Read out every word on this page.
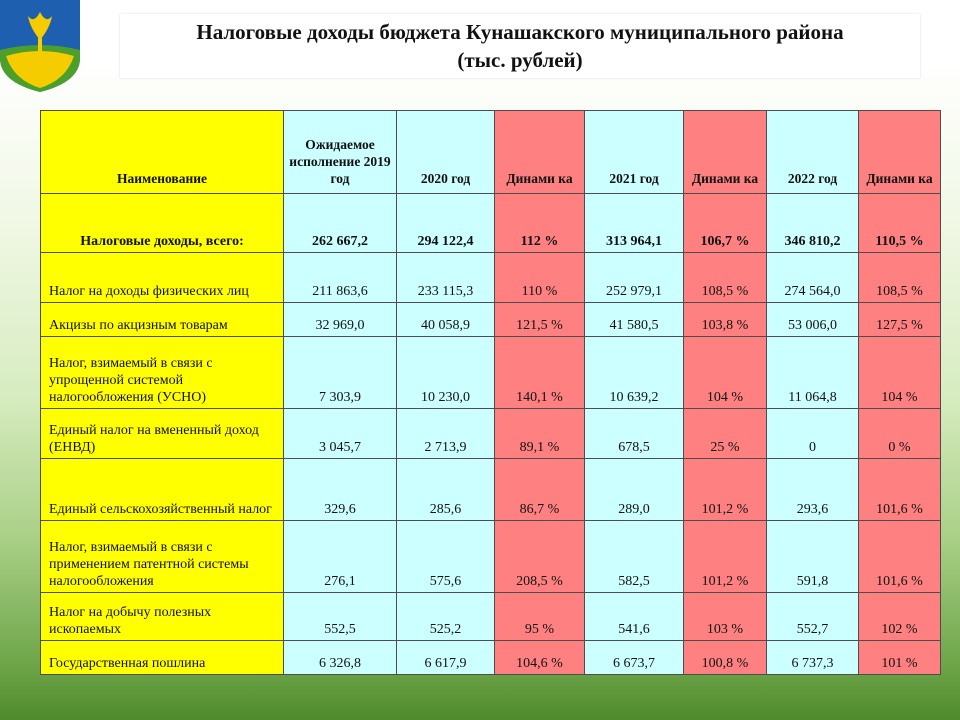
Налоговые доходы бюджета Кунашакского муниципального района
(тыс. рублей)
Наименование	Ожидаемое исполнение 2019 год	2020 год	Динами ка	2021 год	Динами ка	2022 год	Динами ка
Налоговые доходы, всего:	262 667,2	294 122,4	112 %	313 964,1	106,7 %	346 810,2	110,5 %
Налог на доходы физических лиц	211 863,6	233 115,3	110 %	252 979,1	108,5 %	274 564,0	108,5 %
Акцизы по акцизным товарам	32 969,0	40 058,9	121,5 %	41 580,5	103,8 %	53 006,0	127,5 %
Налог, взимаемый в связи с упрощенной системой налогообложения (УСНО)	7 303,9	10 230,0	140,1 %	10 639,2	104 %	11 064,8	104 %
Единый налог на вмененный доход (ЕНВД)	3 045,7	2 713,9	89,1 %	678,5	25 %	0	0 %
Единый сельскохозяйственный налог	329,6	285,6	86,7 %	289,0	101,2 %	293,6	101,6 %
Налог, взимаемый в связи с применением патентной системы налогообложения	276,1	575,6	208,5 %	582,5	101,2 %	591,8	101,6 %
Налог на добычу полезных ископаемых	552,5	525,2	95 %	541,6	103 %	552,7	102 %
Государственная пошлина	6 326,8	6 617,9	104,6 %	6 673,7	100,8 %	6 737,3	101 %
